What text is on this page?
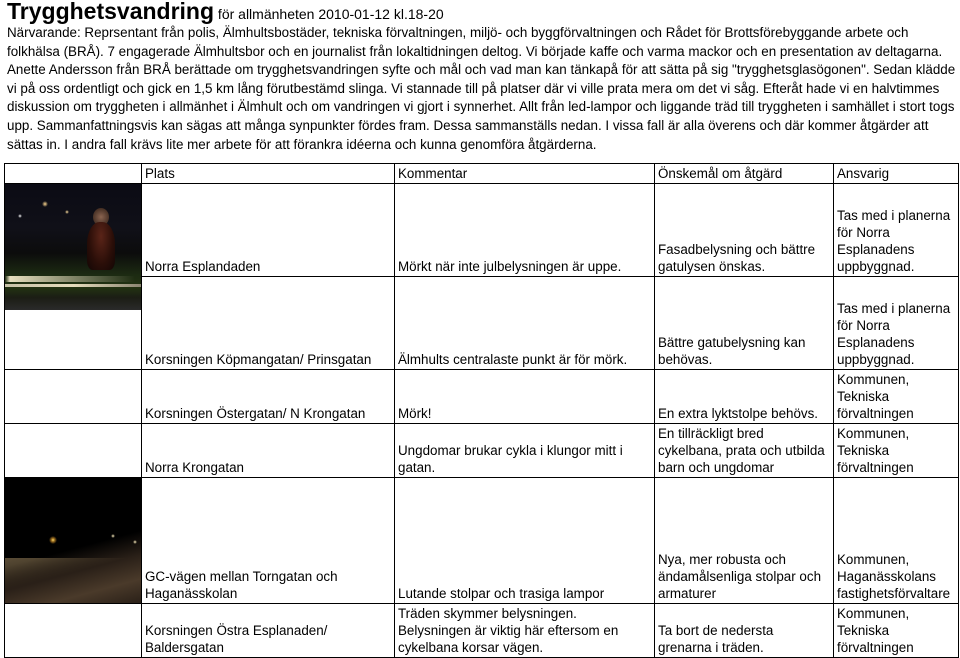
Trygghetsvandring för allmänheten 2010-01-12 kl.18-20
Närvarande: Reprsentant från polis, Älmhultsbostäder, tekniska förvaltningen, miljö- och byggförvaltningen och Rådet för Brottsförebyggande arbete och folkhälsa (BRÅ). 7 engagerade Älmhultsbor och en journalist från lokaltidningen deltog. Vi började kaffe och varma mackor och en presentation av deltagarna. Anette Andersson från BRÅ berättade om trygghetsvandringen syfte och mål och vad man kan tänkapå för att sätta på sig "trygghetsglasögonen". Sedan klädde vi på oss ordentligt och gick en 1,5 km lång förutbestämd slinga. Vi stannade till på platser där vi ville prata mera om det vi såg. Efteråt hade vi en halvtimmes diskussion om tryggheten i allmänhet i Älmhult och om vandringen vi gjort i synnerhet. Allt från led-lampor och liggande träd till tryggheten i samhället i stort togs upp. Sammanfattningsvis kan sägas att många synpunkter fördes fram. Dessa sammanställs nedan. I vissa fall är alla överens och där kommer åtgärder att sättas in. I andra fall krävs lite mer arbete för att förankra idéerna och kunna genomföra åtgärderna.
	Plats	Kommentar	Önskemål om åtgärd	Ansvarig

	Norra Esplandaden	Mörkt när inte julbelysningen är uppe.	Fasadbelysning och bättre gatulysen önskas.	Tas med i planerna för Norra Esplanadens uppbyggnad.
	Korsningen Köpmangatan/ Prinsgatan	Älmhults centralaste punkt är för mörk.	Bättre gatubelysning kan behövas.	Tas med i planerna för Norra Esplanadens uppbyggnad.
	Korsningen Östergatan/ N Krongatan	Mörk!	En extra lyktstolpe behövs.	Kommunen, Tekniska förvaltningen
	Norra Krongatan	Ungdomar brukar cykla i klungor mitt i gatan.	En tillräckligt bred cykelbana, prata och utbilda barn och ungdomar	Kommunen, Tekniska förvaltningen

	GC-vägen mellan Torngatan och Haganässkolan	Lutande stolpar och trasiga lampor	Nya, mer robusta och ändamålsenliga stolpar och armaturer	Kommunen, Haganässkolans fastighetsförvaltare
	Korsningen Östra Esplanaden/ Baldersgatan	Träden skymmer belysningen. Belysningen är viktig här eftersom en cykelbana korsar vägen.	Ta bort de nedersta grenarna i träden.	Kommunen, Tekniska förvaltningen
